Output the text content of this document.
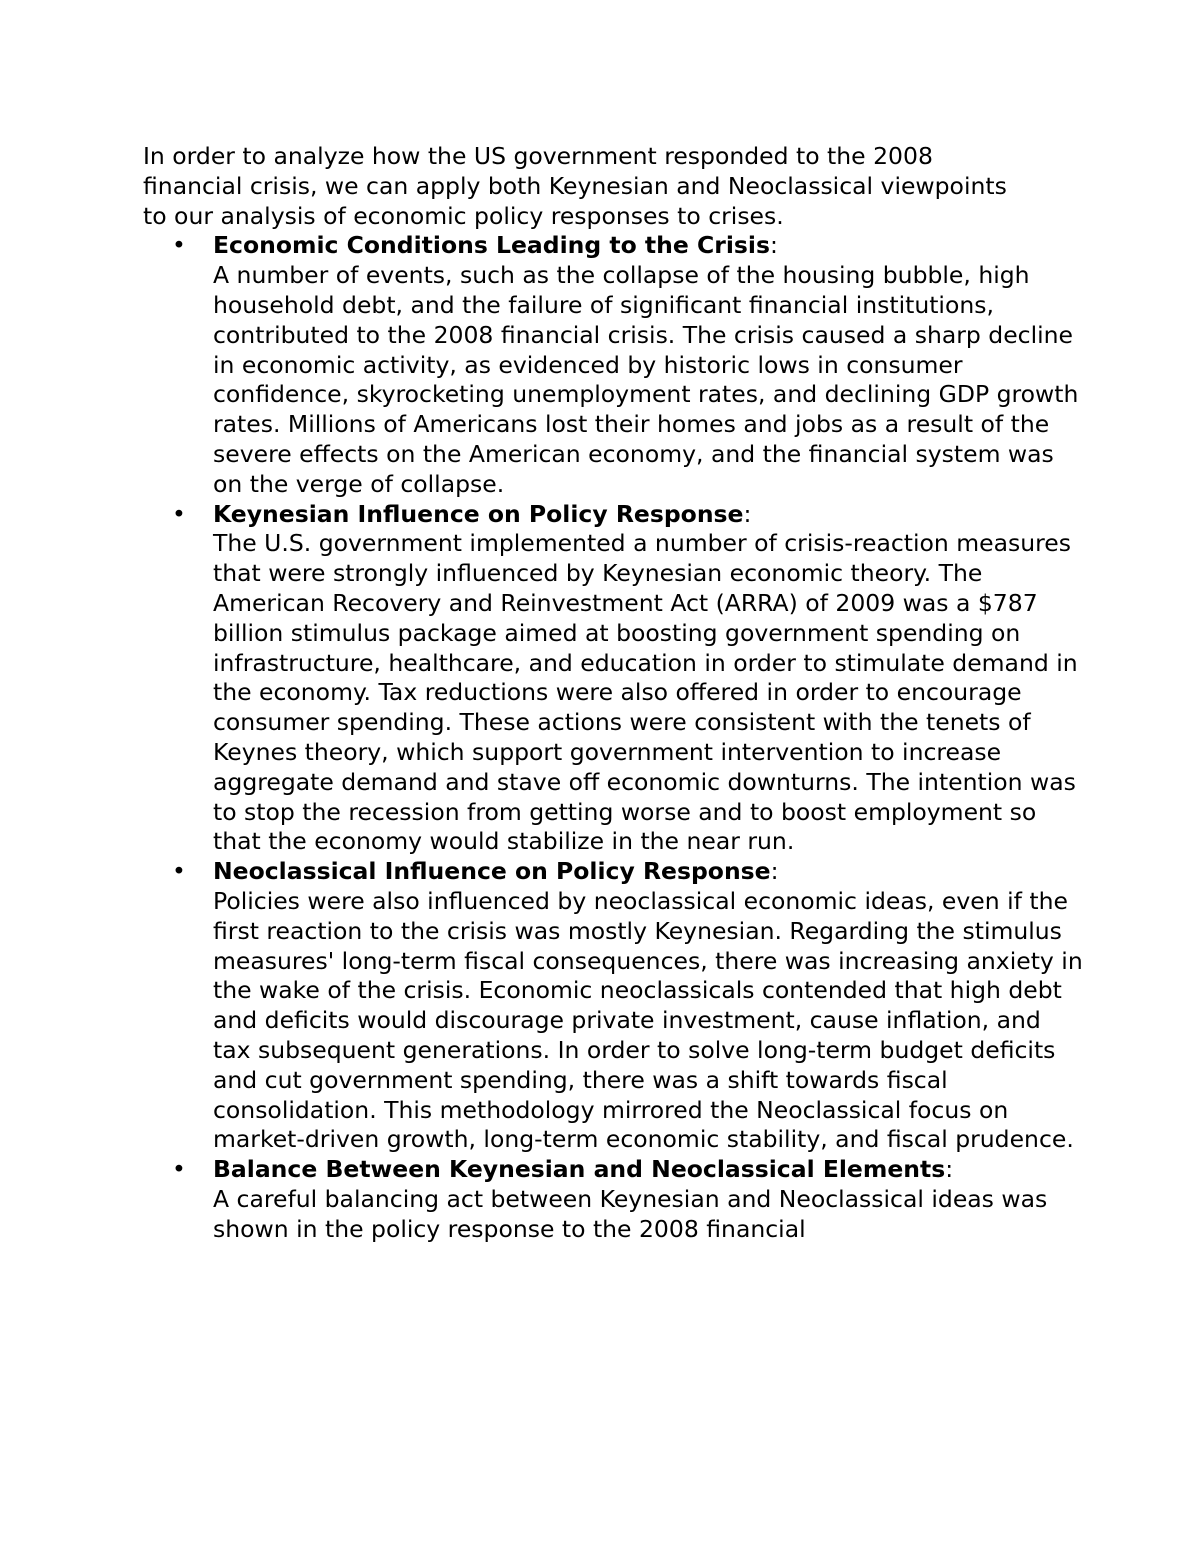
In order to analyze how the US government responded to the 2008 financial crisis, we can apply both Keynesian and Neoclassical viewpoints to our analysis of economic policy responses to crises.

• Economic Conditions Leading to the Crisis:

A number of events, such as the collapse of the housing bubble, high household debt, and the failure of significant financial institutions, contributed to the 2008 financial crisis. The crisis caused a sharp decline in economic activity, as evidenced by historic lows in consumer confidence, skyrocketing unemployment rates, and declining GDP growth rates. Millions of Americans lost their homes and jobs as a result of the severe effects on the American economy, and the financial system was on the verge of collapse.

• Keynesian Influence on Policy Response:

The U.S. government implemented a number of crisis-reaction measures that were strongly influenced by Keynesian economic theory. The American Recovery and Reinvestment Act (ARRA) of 2009 was a $787 billion stimulus package aimed at boosting government spending on infrastructure, healthcare, and education in order to stimulate demand in the economy. Tax reductions were also offered in order to encourage consumer spending. These actions were consistent with the tenets of Keynes theory, which support government intervention to increase aggregate demand and stave off economic downturns. The intention was to stop the recession from getting worse and to boost employment so that the economy would stabilize in the near run.

• Neoclassical Influence on Policy Response:

Policies were also influenced by neoclassical economic ideas, even if the first reaction to the crisis was mostly Keynesian. Regarding the stimulus measures' long-term fiscal consequences, there was increasing anxiety in the wake of the crisis. Economic neoclassicals contended that high debt and deficits would discourage private investment, cause inflation, and tax subsequent generations. In order to solve long-term budget deficits and cut government spending, there was a shift towards fiscal consolidation. This methodology mirrored the Neoclassical focus on market-driven growth, long-term economic stability, and fiscal prudence.

• Balance Between Keynesian and Neoclassical Elements:

A careful balancing act between Keynesian and Neoclassical ideas was shown in the policy response to the 2008 financial
